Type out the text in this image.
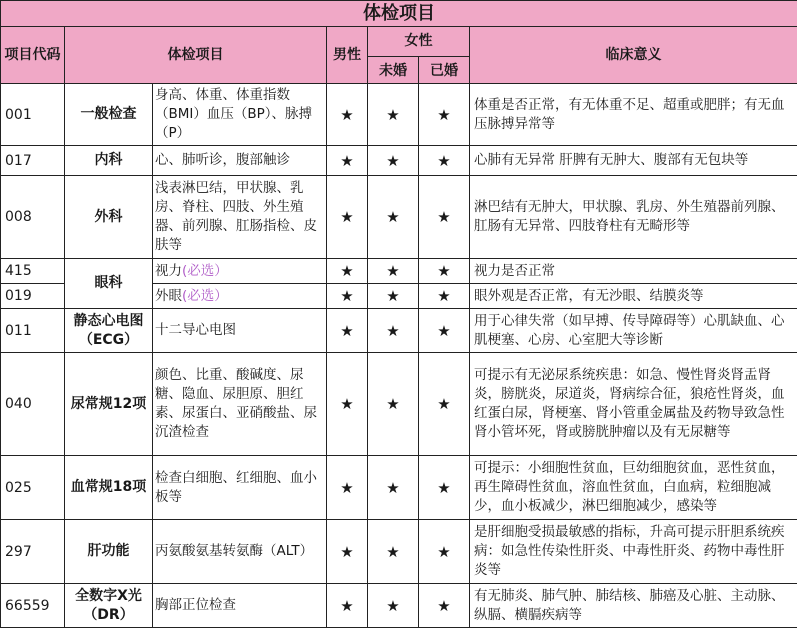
体检项目						
项目代码	体检项目		男性	女性		临床意义
				未婚	已婚	
001	一般检查	身高、体重、体重指数（BMI）血压（BP）、脉搏（P）	★	★	★	体重是否正常，有无体重不足、超重或肥胖；有无血压脉搏异常等
017	内科	心、肺听诊，腹部触诊	★	★	★	心肺有无异常 肝脾有无肿大、腹部有无包块等
008	外科	浅表淋巴结，甲状腺、乳房、脊柱、四肢、外生殖器、前列腺、肛肠指检、皮肤等	★	★	★	淋巴结有无肿大，甲状腺、乳房、外生殖器前列腺、肛肠有无异常、四肢脊柱有无畸形等
415	眼科	视力(必选）	★	★	★	视力是否正常
019		外眼(必选）	★	★	★	眼外观是否正常，有无沙眼、结膜炎等
011	静态心电图（ECG）	十二导心电图	★	★	★	用于心律失常（如早搏、传导障碍等）心肌缺血、心肌梗塞、心房、心室肥大等诊断
040	尿常规12项	颜色、比重、酸碱度、尿糖、隐血、尿胆原、胆红素、尿蛋白、亚硝酸盐、尿沉渣检查	★	★	★	可提示有无泌尿系统疾患：如急、慢性肾炎肾盂肾炎，膀胱炎，尿道炎，肾病综合征，狼疮性肾炎，血红蛋白尿，肾梗塞、肾小管重金属盐及药物导致急性肾小管坏死，肾或膀胱肿瘤以及有无尿糖等
025	血常规18项	检查白细胞、红细胞、血小板等	★	★	★	可提示：小细胞性贫血，巨幼细胞贫血，恶性贫血，再生障碍性贫血，溶血性贫血，白血病，粒细胞减少，血小板减少，淋巴细胞减少，感染等
297	肝功能	丙氨酸氨基转氨酶（ALT）	★	★	★	是肝细胞受损最敏感的指标，升高可提示肝胆系统疾病：如急性传染性肝炎、中毒性肝炎、药物中毒性肝炎等
66559	全数字X光（DR）	胸部正位检查	★	★	★	有无肺炎、肺气肿、肺结核、肺癌及心脏、主动脉、纵膈、横膈疾病等
